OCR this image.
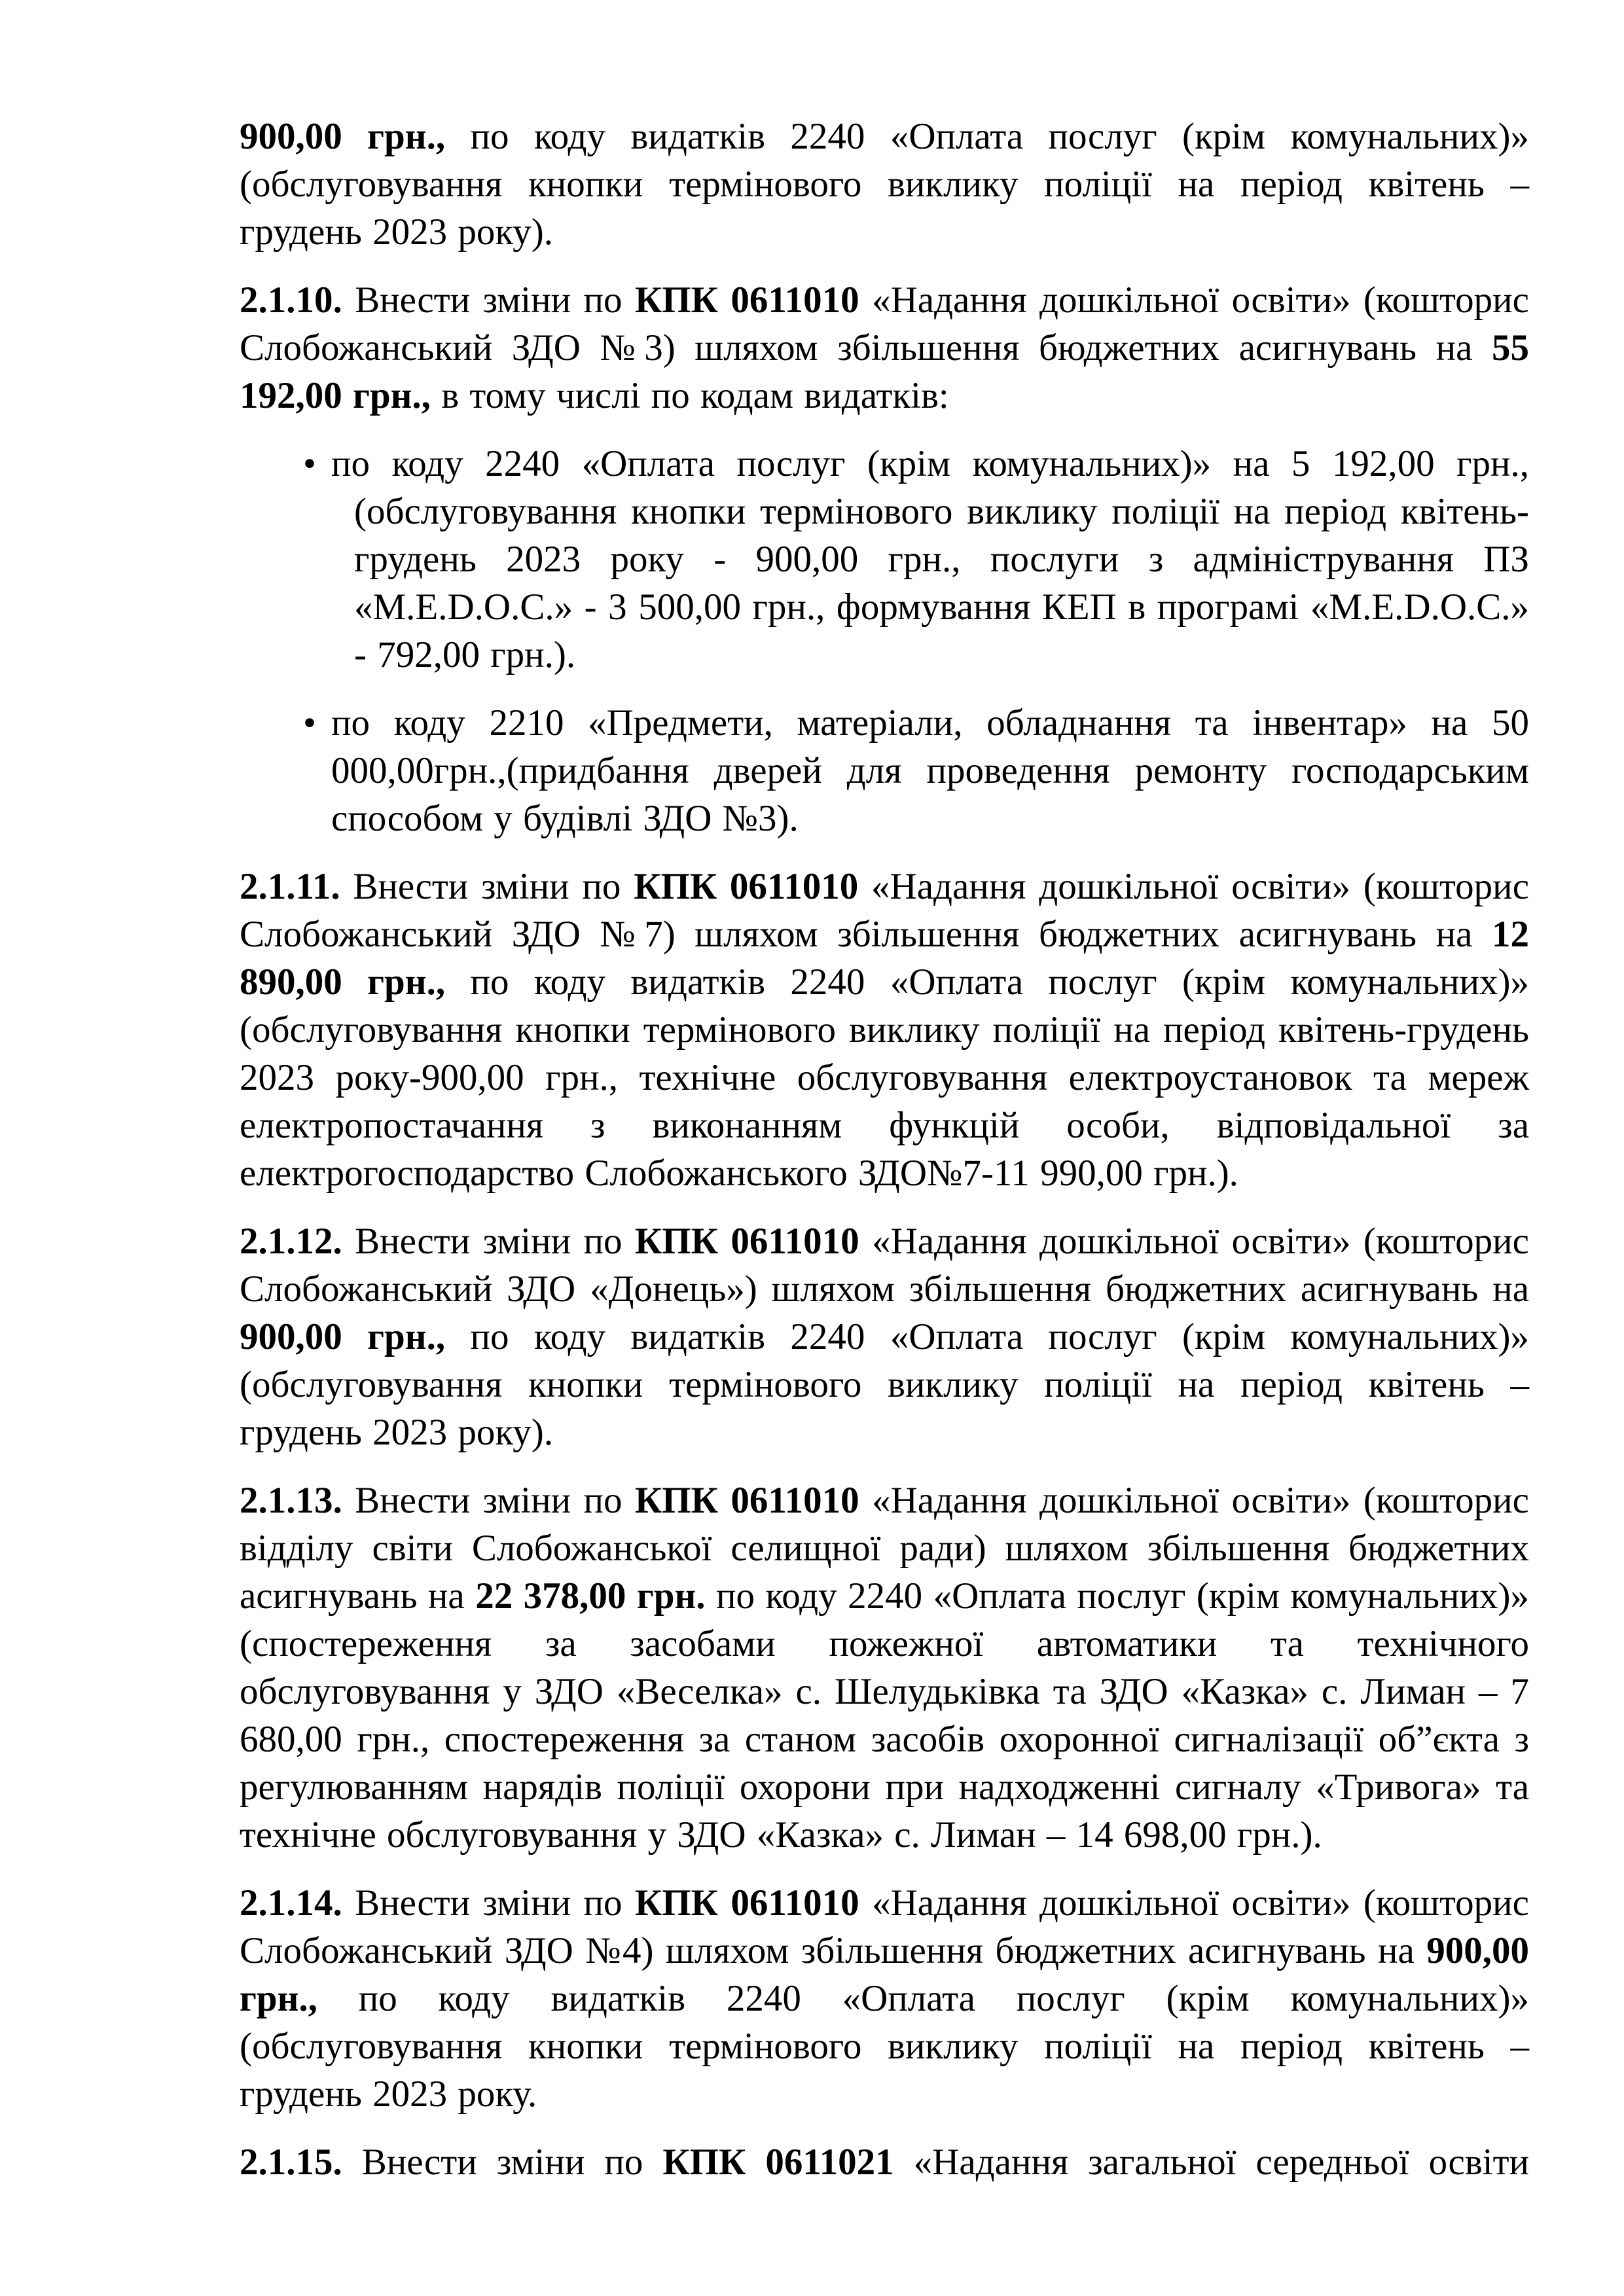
900,00 грн., по коду видатків 2240 «Оплата послуг (крім комунальних)» (обслуговування кнопки термінового виклику поліції на період квітень – грудень 2023 року).

2.1.10. Внести зміни по КПК 0611010 «Надання дошкільної освіти» (кошторис Слобожанський ЗДО №3) шляхом збільшення бюджетних асигнувань на 55 192,00 грн., в тому числі по кодам видатків:

• по коду 2240 «Оплата послуг (крім комунальних)» на 5 192,00 грн., (обслуговування кнопки термінового виклику поліції на період квітень-грудень 2023 року - 900,00 грн., послуги з адміністрування ПЗ «M.E.D.O.C.» - 3 500,00 грн., формування КЕП в програмі «M.E.D.O.C.» - 792,00 грн.).

• по коду 2210 «Предмети, матеріали, обладнання та інвентар» на 50 000,00грн.,(придбання дверей для проведення ремонту господарським способом у будівлі ЗДО №3).

2.1.11. Внести зміни по КПК 0611010 «Надання дошкільної освіти» (кошторис Слобожанський ЗДО №7) шляхом збільшення бюджетних асигнувань на 12 890,00 грн., по коду видатків 2240 «Оплата послуг (крім комунальних)» (обслуговування кнопки термінового виклику поліції на період квітень-грудень 2023 року-900,00 грн., технічне обслуговування електроустановок та мереж електропостачання з виконанням функцій особи, відповідальної за електрогосподарство Слобожанського ЗДО№7-11 990,00 грн.).

2.1.12. Внести зміни по КПК 0611010 «Надання дошкільної освіти» (кошторис Слобожанський ЗДО «Донець») шляхом збільшення бюджетних асигнувань на 900,00 грн., по коду видатків 2240 «Оплата послуг (крім комунальних)» (обслуговування кнопки термінового виклику поліції на період квітень – грудень 2023 року).

2.1.13. Внести зміни по КПК 0611010 «Надання дошкільної освіти» (кошторис відділу світи Слобожанської селищної ради) шляхом збільшення бюджетних асигнувань на 22 378,00 грн. по коду 2240 «Оплата послуг (крім комунальних)» (спостереження за засобами пожежної автоматики та технічного обслуговування у ЗДО «Веселка» с. Шелудьківка та ЗДО «Казка» с. Лиман – 7 680,00 грн., спостереження за станом засобів охоронної сигналізації об”єкта з регулюванням нарядів поліції охорони при надходженні сигналу «Тривога» та технічне обслуговування у ЗДО «Казка» с. Лиман – 14 698,00 грн.).

2.1.14. Внести зміни по КПК 0611010 «Надання дошкільної освіти» (кошторис Слобожанський ЗДО №4) шляхом збільшення бюджетних асигнувань на 900,00 грн., по коду видатків 2240 «Оплата послуг (крім комунальних)» (обслуговування кнопки термінового виклику поліції на період квітень – грудень 2023 року.

2.1.15. Внести зміни по КПК 0611021 «Надання загальної середньої освіти
